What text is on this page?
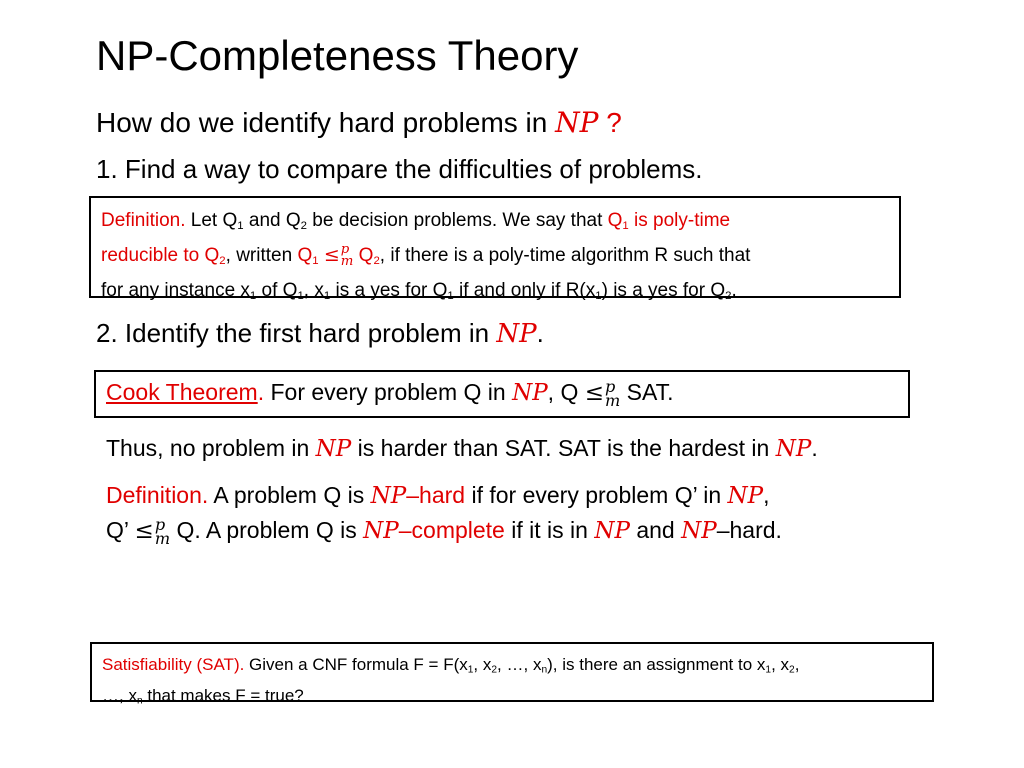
NP-Completeness Theory
How do we identify hard problems in NP ?
1. Find a way to compare the difficulties of problems.
Definition. Let $Q_1$ and $Q_2$ be decision problems. We say that $Q_1$ is poly-time
reducible to $Q_2$, written $Q_1 \le p$
m $Q_2$, if there is a poly-time algorithm R such that
for any instance $x_1$ of $Q_1$, $x_1$ is a yes for $Q_1$ if and only if $R(x_1)$ is a yes for $Q_2$.
2. Identify the first hard problem in NP.
Cook Theorem. For every problem Q in NP, Q ≤p
m SAT.
Thus, no problem in NP is harder than SAT. SAT is the hardest in NP.
Definition. A problem Q is NP–hard if for every problem Q’ in NP,
Q’ ≤p
m Q. A problem Q is NP–complete if it is in NP and NP–hard.
Satisfiability (SAT). Given a CNF formula $F = F(x_1$, $x_2$, …, $x_n$), is there an assignment to $x_1$, $x_2$,
…, $x_n$ that makes F = true?
